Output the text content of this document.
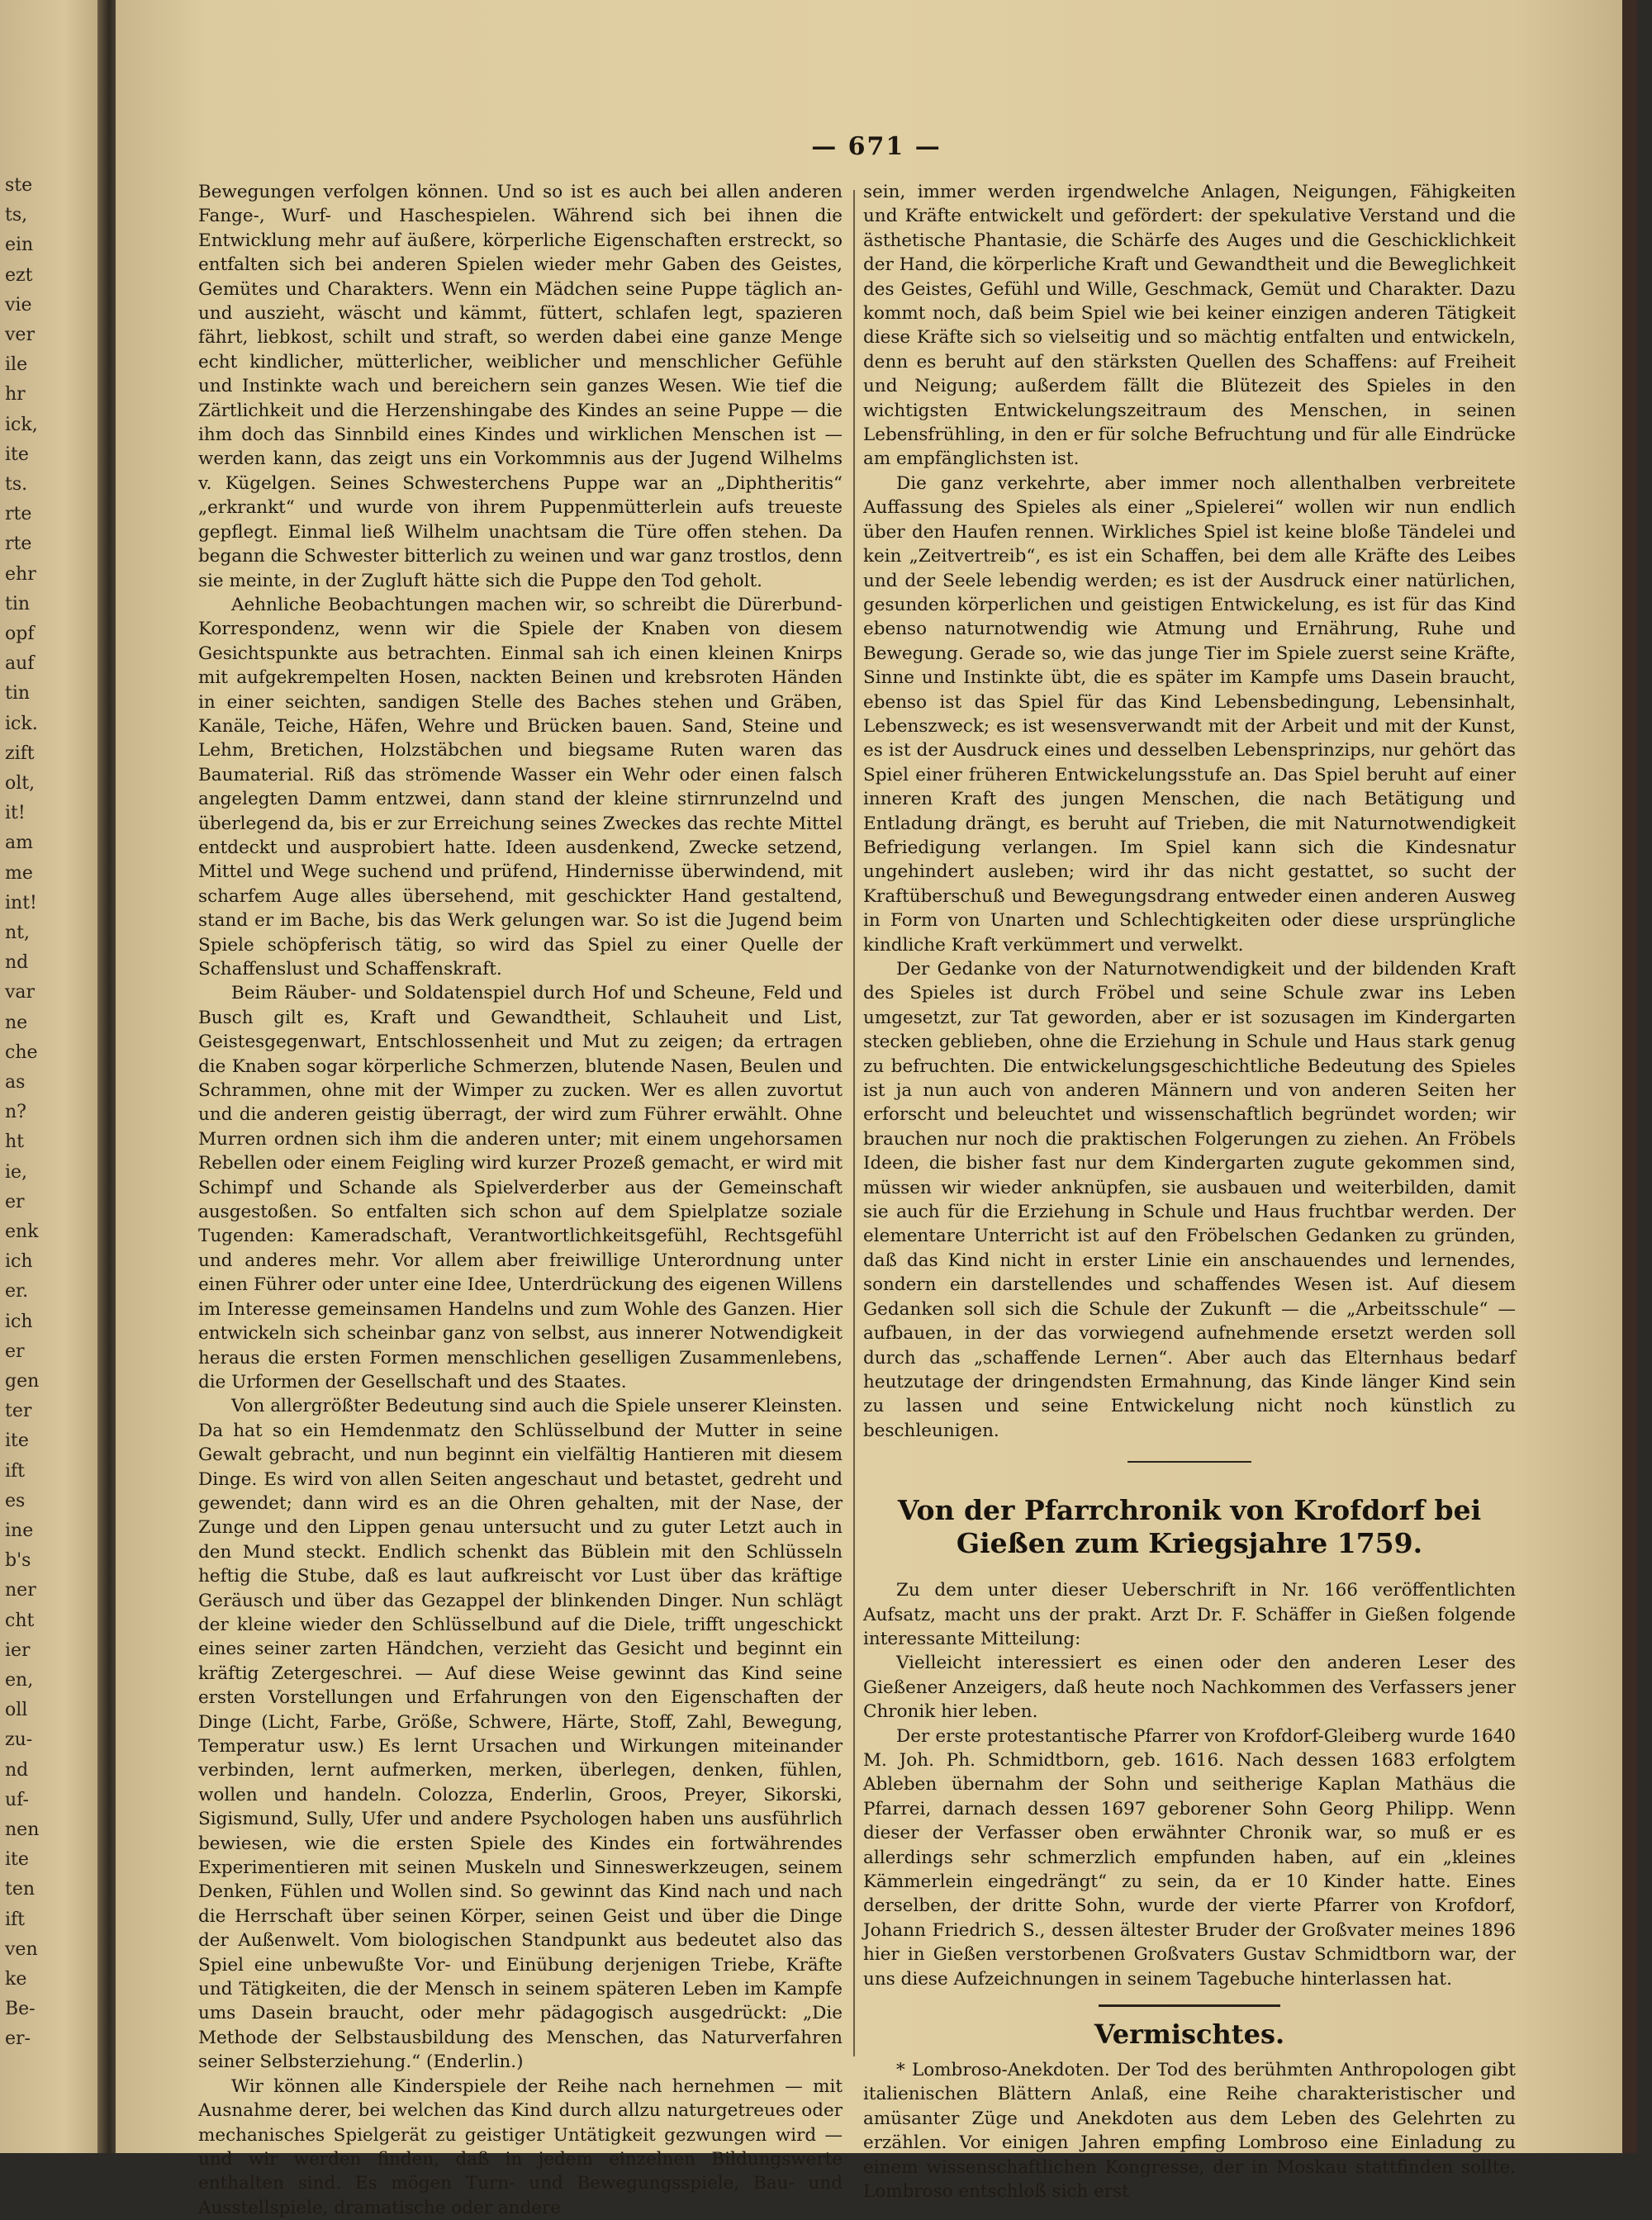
ste
ts,
ein
ezt
vie
ver
ile
hr
ick,
ite
ts.
rte
rte
ehr
tin
opf
auf
tin
ick.
zift
olt,
it!
am
me
int!
nt,
nd
var
ne
che
as
n?
ht
ie,
er
enk
ich
er.
ich
er
gen
ter
ite
ift
es
ine
b's
ner
cht
ier
en,
oll
zu-
nd
uf-
nen
ite
ten
ift
ven
ke
Be-
er-
— 671 —

Bewegungen verfolgen können. Und so ist es auch bei allen anderen Fange-, Wurf- und Haschespielen. Während sich bei ihnen die Entwicklung mehr auf äußere, körperliche Eigenschaften erstreckt, so entfalten sich bei anderen Spielen wieder mehr Gaben des Geistes, Gemütes und Charakters. Wenn ein Mädchen seine Puppe täglich an- und auszieht, wäscht und kämmt, füttert, schlafen legt, spazieren fährt, liebkost, schilt und straft, so werden dabei eine ganze Menge echt kindlicher, mütterlicher, weiblicher und menschlicher Gefühle und Instinkte wach und bereichern sein ganzes Wesen. Wie tief die Zärtlichkeit und die Herzenshingabe des Kindes an seine Puppe — die ihm doch das Sinnbild eines Kindes und wirklichen Menschen ist — werden kann, das zeigt uns ein Vorkommnis aus der Jugend Wilhelms v. Kügelgen. Seines Schwesterchens Puppe war an „Diphtheritis“ „erkrankt“ und wurde von ihrem Puppenmütterlein aufs treueste gepflegt. Einmal ließ Wilhelm unachtsam die Türe offen stehen. Da begann die Schwester bitterlich zu weinen und war ganz trostlos, denn sie meinte, in der Zugluft hätte sich die Puppe den Tod geholt.

Aehnliche Beobachtungen machen wir, so schreibt die Dürerbund-Korrespondenz, wenn wir die Spiele der Knaben von diesem Gesichtspunkte aus betrachten. Einmal sah ich einen kleinen Knirps mit aufgekrempelten Hosen, nackten Beinen und krebsroten Händen in einer seichten, sandigen Stelle des Baches stehen und Gräben, Kanäle, Teiche, Häfen, Wehre und Brücken bauen. Sand, Steine und Lehm, Bretichen, Holzstäbchen und biegsame Ruten waren das Baumaterial. Riß das strömende Wasser ein Wehr oder einen falsch angelegten Damm entzwei, dann stand der kleine stirnrunzelnd und überlegend da, bis er zur Erreichung seines Zweckes das rechte Mittel entdeckt und ausprobiert hatte. Ideen ausdenkend, Zwecke setzend, Mittel und Wege suchend und prüfend, Hindernisse überwindend, mit scharfem Auge alles übersehend, mit geschickter Hand gestaltend, stand er im Bache, bis das Werk gelungen war. So ist die Jugend beim Spiele schöpferisch tätig, so wird das Spiel zu einer Quelle der Schaffenslust und Schaffenskraft.

Beim Räuber- und Soldatenspiel durch Hof und Scheune, Feld und Busch gilt es, Kraft und Gewandtheit, Schlauheit und List, Geistesgegenwart, Entschlossenheit und Mut zu zeigen; da ertragen die Knaben sogar körperliche Schmerzen, blutende Nasen, Beulen und Schrammen, ohne mit der Wimper zu zucken. Wer es allen zuvortut und die anderen geistig überragt, der wird zum Führer erwählt. Ohne Murren ordnen sich ihm die anderen unter; mit einem ungehorsamen Rebellen oder einem Feigling wird kurzer Prozeß gemacht, er wird mit Schimpf und Schande als Spielverderber aus der Gemeinschaft ausgestoßen. So entfalten sich schon auf dem Spielplatze soziale Tugenden: Kameradschaft, Verantwortlichkeitsgefühl, Rechtsgefühl und anderes mehr. Vor allem aber freiwillige Unterordnung unter einen Führer oder unter eine Idee, Unterdrückung des eigenen Willens im Interesse gemeinsamen Handelns und zum Wohle des Ganzen. Hier entwickeln sich scheinbar ganz von selbst, aus innerer Notwendigkeit heraus die ersten Formen menschlichen geselligen Zusammenlebens, die Urformen der Gesellschaft und des Staates.

Von allergrößter Bedeutung sind auch die Spiele unserer Kleinsten. Da hat so ein Hemdenmatz den Schlüsselbund der Mutter in seine Gewalt gebracht, und nun beginnt ein vielfältig Hantieren mit diesem Dinge. Es wird von allen Seiten angeschaut und betastet, gedreht und gewendet; dann wird es an die Ohren gehalten, mit der Nase, der Zunge und den Lippen genau untersucht und zu guter Letzt auch in den Mund steckt. Endlich schenkt das Büblein mit den Schlüsseln heftig die Stube, daß es laut aufkreischt vor Lust über das kräftige Geräusch und über das Gezappel der blinkenden Dinger. Nun schlägt der kleine wieder den Schlüsselbund auf die Diele, trifft ungeschickt eines seiner zarten Händchen, verzieht das Gesicht und beginnt ein kräftig Zetergeschrei. — Auf diese Weise gewinnt das Kind seine ersten Vorstellungen und Erfahrungen von den Eigenschaften der Dinge (Licht, Farbe, Größe, Schwere, Härte, Stoff, Zahl, Bewegung, Temperatur usw.) Es lernt Ursachen und Wirkungen miteinander verbinden, lernt aufmerken, merken, überlegen, denken, fühlen, wollen und handeln. Colozza, Enderlin, Groos, Preyer, Sikorski, Sigismund, Sully, Ufer und andere Psychologen haben uns ausführlich bewiesen, wie die ersten Spiele des Kindes ein fortwährendes Experimentieren mit seinen Muskeln und Sinneswerkzeugen, seinem Denken, Fühlen und Wollen sind. So gewinnt das Kind nach und nach die Herrschaft über seinen Körper, seinen Geist und über die Dinge der Außenwelt. Vom biologischen Standpunkt aus bedeutet also das Spiel eine unbewußte Vor- und Einübung derjenigen Triebe, Kräfte und Tätigkeiten, die der Mensch in seinem späteren Leben im Kampfe ums Dasein braucht, oder mehr pädagogisch ausgedrückt: „Die Methode der Selbstausbildung des Menschen, das Naturverfahren seiner Selbsterziehung.“ (Enderlin.)

Wir können alle Kinderspiele der Reihe nach hernehmen — mit Ausnahme derer, bei welchen das Kind durch allzu naturgetreues oder mechanisches Spielgerät zu geistiger Untätigkeit gezwungen wird — und wir werden finden, daß in jedem einzelnen Bildungswerte enthalten sind. Es mögen Turn- und Bewegungsspiele, Bau- und Ausstellspiele, dramatische oder andere

sein, immer werden irgendwelche Anlagen, Neigungen, Fähigkeiten und Kräfte entwickelt und gefördert: der spekulative Verstand und die ästhetische Phantasie, die Schärfe des Auges und die Geschicklichkeit der Hand, die körperliche Kraft und Gewandtheit und die Beweglichkeit des Geistes, Gefühl und Wille, Geschmack, Gemüt und Charakter. Dazu kommt noch, daß beim Spiel wie bei keiner einzigen anderen Tätigkeit diese Kräfte sich so vielseitig und so mächtig entfalten und entwickeln, denn es beruht auf den stärksten Quellen des Schaffens: auf Freiheit und Neigung; außerdem fällt die Blütezeit des Spieles in den wichtigsten Entwickelungszeitraum des Menschen, in seinen Lebensfrühling, in den er für solche Befruchtung und für alle Eindrücke am empfänglichsten ist.

Die ganz verkehrte, aber immer noch allenthalben verbreitete Auffassung des Spieles als einer „Spielerei“ wollen wir nun endlich über den Haufen rennen. Wirkliches Spiel ist keine bloße Tändelei und kein „Zeitvertreib“, es ist ein Schaffen, bei dem alle Kräfte des Leibes und der Seele lebendig werden; es ist der Ausdruck einer natürlichen, gesunden körperlichen und geistigen Entwickelung, es ist für das Kind ebenso naturnotwendig wie Atmung und Ernährung, Ruhe und Bewegung. Gerade so, wie das junge Tier im Spiele zuerst seine Kräfte, Sinne und Instinkte übt, die es später im Kampfe ums Dasein braucht, ebenso ist das Spiel für das Kind Lebensbedingung, Lebensinhalt, Lebenszweck; es ist wesensverwandt mit der Arbeit und mit der Kunst, es ist der Ausdruck eines und desselben Lebensprinzips, nur gehört das Spiel einer früheren Entwickelungsstufe an. Das Spiel beruht auf einer inneren Kraft des jungen Menschen, die nach Betätigung und Entladung drängt, es beruht auf Trieben, die mit Naturnotwendigkeit Befriedigung verlangen. Im Spiel kann sich die Kindesnatur ungehindert ausleben; wird ihr das nicht gestattet, so sucht der Kraftüberschuß und Bewegungsdrang entweder einen anderen Ausweg in Form von Unarten und Schlechtigkeiten oder diese ursprüngliche kindliche Kraft verkümmert und verwelkt.

Der Gedanke von der Naturnotwendigkeit und der bildenden Kraft des Spieles ist durch Fröbel und seine Schule zwar ins Leben umgesetzt, zur Tat geworden, aber er ist sozusagen im Kindergarten stecken geblieben, ohne die Erziehung in Schule und Haus stark genug zu befruchten. Die entwickelungsgeschichtliche Bedeutung des Spieles ist ja nun auch von anderen Männern und von anderen Seiten her erforscht und beleuchtet und wissenschaftlich begründet worden; wir brauchen nur noch die praktischen Folgerungen zu ziehen. An Fröbels Ideen, die bisher fast nur dem Kindergarten zugute gekommen sind, müssen wir wieder anknüpfen, sie ausbauen und weiterbilden, damit sie auch für die Erziehung in Schule und Haus fruchtbar werden. Der elementare Unterricht ist auf den Fröbelschen Gedanken zu gründen, daß das Kind nicht in erster Linie ein anschauendes und lernendes, sondern ein darstellendes und schaffendes Wesen ist. Auf diesem Gedanken soll sich die Schule der Zukunft — die „Arbeitsschule“ — aufbauen, in der das vorwiegend aufnehmende ersetzt werden soll durch das „schaffende Lernen“. Aber auch das Elternhaus bedarf heutzutage der dringendsten Ermahnung, das Kinde länger Kind sein zu lassen und seine Entwickelung nicht noch künstlich zu beschleunigen.

Von der Pfarrchronik von Krofdorf bei Gießen zum Kriegsjahre 1759.

Zu dem unter dieser Ueberschrift in Nr. 166 veröffentlichten Aufsatz, macht uns der prakt. Arzt Dr. F. Schäffer in Gießen folgende interessante Mitteilung:

Vielleicht interessiert es einen oder den anderen Leser des Gießener Anzeigers, daß heute noch Nachkommen des Verfassers jener Chronik hier leben.

Der erste protestantische Pfarrer von Krofdorf-Gleiberg wurde 1640 M. Joh. Ph. Schmidtborn, geb. 1616. Nach dessen 1683 erfolgtem Ableben übernahm der Sohn und seitherige Kaplan Mathäus die Pfarrei, darnach dessen 1697 geborener Sohn Georg Philipp. Wenn dieser der Verfasser oben erwähnter Chronik war, so muß er es allerdings sehr schmerzlich empfunden haben, auf ein „kleines Kämmerlein eingedrängt“ zu sein, da er 10 Kinder hatte. Eines derselben, der dritte Sohn, wurde der vierte Pfarrer von Krofdorf, Johann Friedrich S., dessen ältester Bruder der Großvater meines 1896 hier in Gießen verstorbenen Großvaters Gustav Schmidtborn war, der uns diese Aufzeichnungen in seinem Tagebuche hinterlassen hat.

Vermischtes.

* Lombroso-Anekdoten. Der Tod des berühmten Anthropologen gibt italienischen Blättern Anlaß, eine Reihe charakteristischer und amüsanter Züge und Anekdoten aus dem Leben des Gelehrten zu erzählen. Vor einigen Jahren empfing Lombroso eine Einladung zu einem wissenschaftlichen Kongresse, der in Moskau stattfinden sollte. Lombroso entschloß sich erst
